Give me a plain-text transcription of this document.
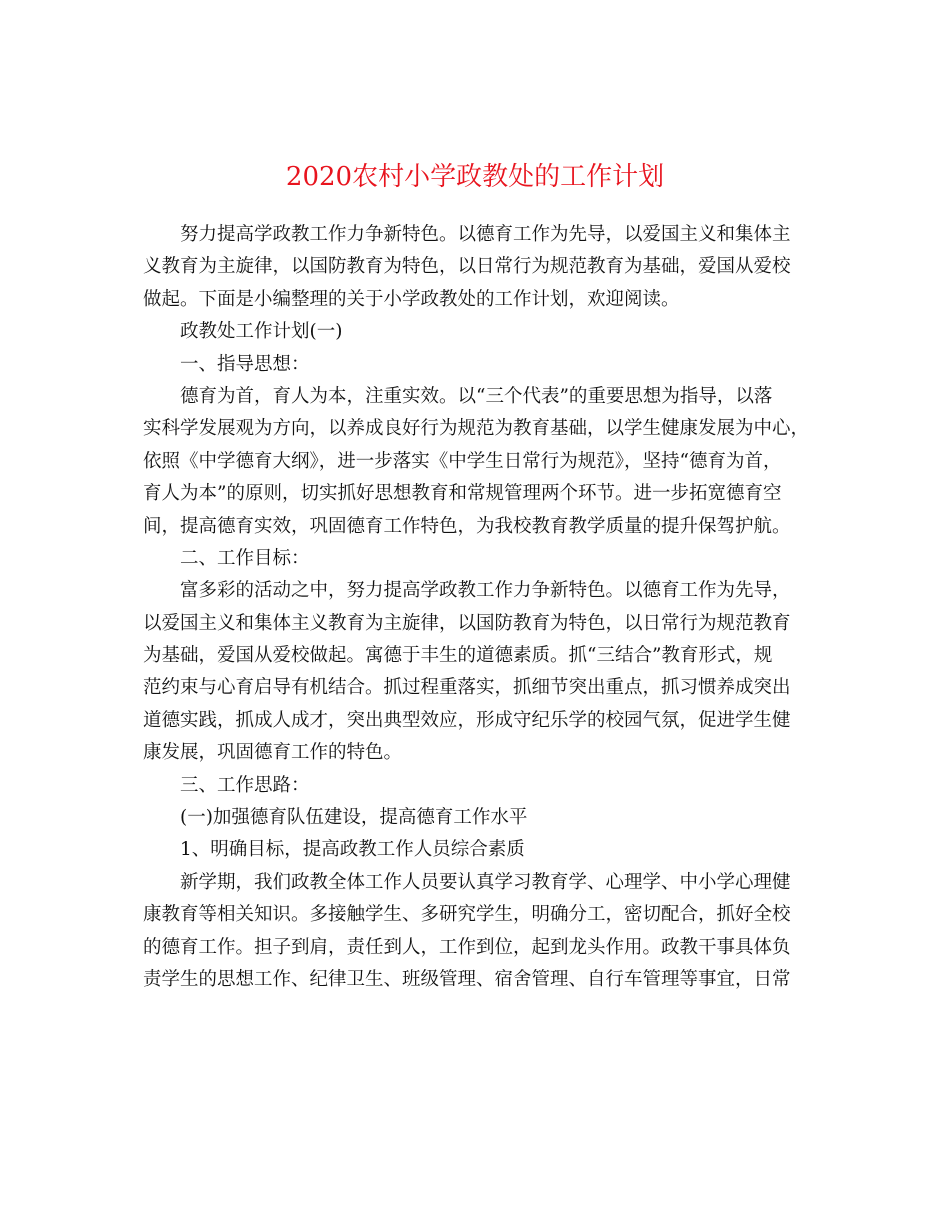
2020农村小学政教处的工作计划
努力提高学政教工作力争新特色。以德育工作为先导，以爱国主义和集体主
义教育为主旋律，以国防教育为特色，以日常行为规范教育为基础，爱国从爱校
做起。下面是小编整理的关于小学政教处的工作计划，欢迎阅读。
政教处工作计划(一)
一、指导思想：
德育为首，育人为本，注重实效。以“三个代表”的重要思想为指导，以落
实科学发展观为方向，以养成良好行为规范为教育基础，以学生健康发展为中心，
依照《中学德育大纲》，进一步落实《中学生日常行为规范》，坚持“德育为首，
育人为本”的原则，切实抓好思想教育和常规管理两个环节。进一步拓宽德育空
间，提高德育实效，巩固德育工作特色，为我校教育教学质量的提升保驾护航。
二、工作目标：
富多彩的活动之中，努力提高学政教工作力争新特色。以德育工作为先导，
以爱国主义和集体主义教育为主旋律，以国防教育为特色，以日常行为规范教育
为基础，爱国从爱校做起。寓德于丰生的道德素质。抓“三结合”教育形式，规
范约束与心育启导有机结合。抓过程重落实，抓细节突出重点，抓习惯养成突出
道德实践，抓成人成才，突出典型效应，形成守纪乐学的校园气氛，促进学生健
康发展，巩固德育工作的特色。
三、工作思路：
(一)加强德育队伍建设，提高德育工作水平
1、明确目标，提高政教工作人员综合素质
新学期，我们政教全体工作人员要认真学习教育学、心理学、中小学心理健
康教育等相关知识。多接触学生、多研究学生，明确分工，密切配合，抓好全校
的德育工作。担子到肩，责任到人，工作到位，起到龙头作用。政教干事具体负
责学生的思想工作、纪律卫生、班级管理、宿舍管理、自行车管理等事宜，日常
